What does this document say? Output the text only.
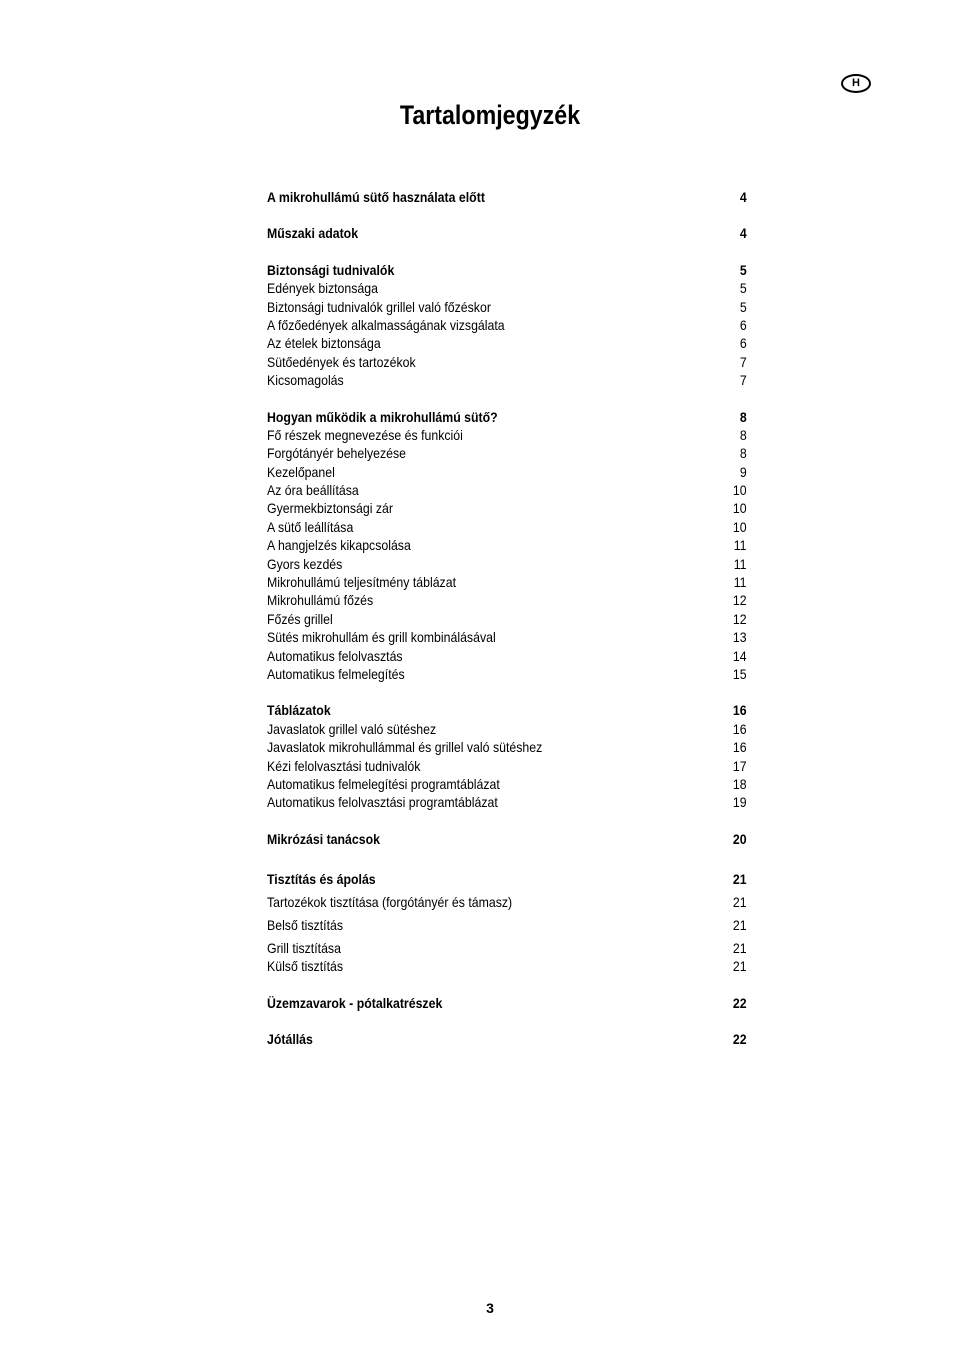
H
Tartalomjegyzék
A mikrohullámú sütő használata előtt	4
Műszaki adatok	4
Biztonsági tudnivalók	5
Edények biztonsága	5
Biztonsági tudnivalók grillel való főzéskor	5
A főzőedények alkalmasságának vizsgálata	6
Az ételek biztonsága	6
Sütőedények és tartozékok	7
Kicsomagolás	7
Hogyan működik a mikrohullámú sütő?	8
Fő részek megnevezése és funkciói	8
Forgótányér behelyezése	8
Kezelőpanel	9
Az óra beállítása	10
Gyermekbiztonsági zár	10
A sütő leállítása	10
A hangjelzés kikapcsolása	11
Gyors kezdés	11
Mikrohullámú teljesítmény táblázat	11
Mikrohullámú főzés	12
Főzés grillel	12
Sütés mikrohullám és grill kombinálásával	13
Automatikus felolvasztás	14
Automatikus felmelegítés	15
Táblázatok	16
Javaslatok grillel való sütéshez	16
Javaslatok mikrohullámmal és grillel való sütéshez	16
Kézi felolvasztási tudnivalók	17
Automatikus felmelegítési programtáblázat	18
Automatikus felolvasztási programtáblázat	19
Mikrózási tanácsok	20
Tisztítás és ápolás	21
Tartozékok tisztítása (forgótányér és támasz)	21
Belső tisztítás	21
Grill tisztítása	21
Külső tisztítás	21
Üzemzavarok - pótalkatrészek	22
Jótállás	22
3
